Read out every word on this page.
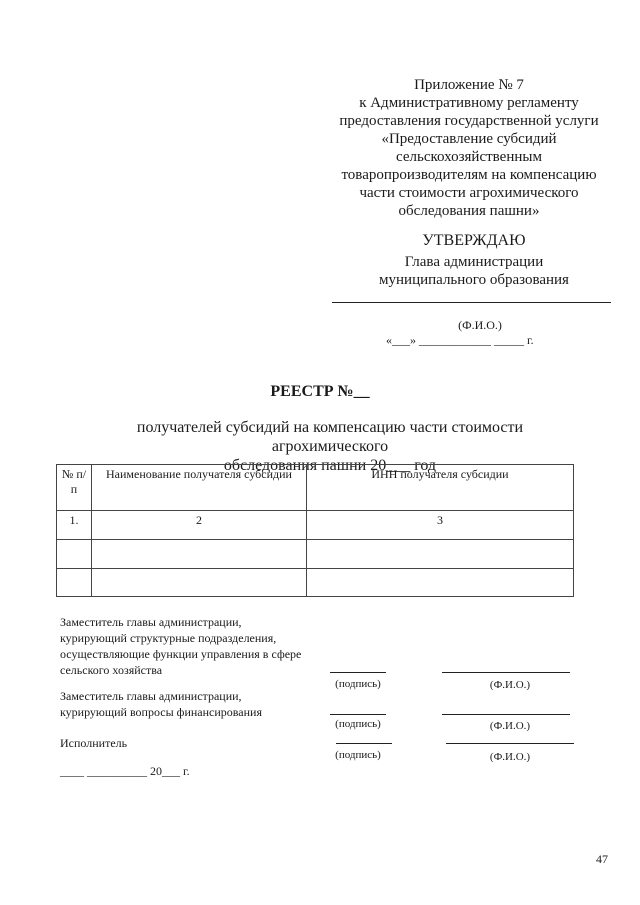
Приложение № 7
к Административному регламенту
предоставления государственной услуги
«Предоставление субсидий
сельскохозяйственным
товаропроизводителям на компенсацию
части стоимости агрохимического
обследования пашни»
УТВЕРЖДАЮ
Глава администрации
муниципального образования
(Ф.И.О.)
«___» ____________ _____ г.
РЕЕСТР №__
получателей субсидий на компенсацию части стоимости агрохимического
обследования пашни 20___ год
№ п/п	Наименование получателя субсидии	ИНН получателя субсидии
1.	2	3

Заместитель главы администрации,
курирующий структурные подразделения,
осуществляющие функции управления в сфере
сельского хозяйства
(подпись)	(Ф.И.О.)
Заместитель главы администрации,
курирующий вопросы финансирования
(подпись)	(Ф.И.О.)
Исполнитель
(подпись)	(Ф.И.О.)
____ __________ 20___ г.
47
